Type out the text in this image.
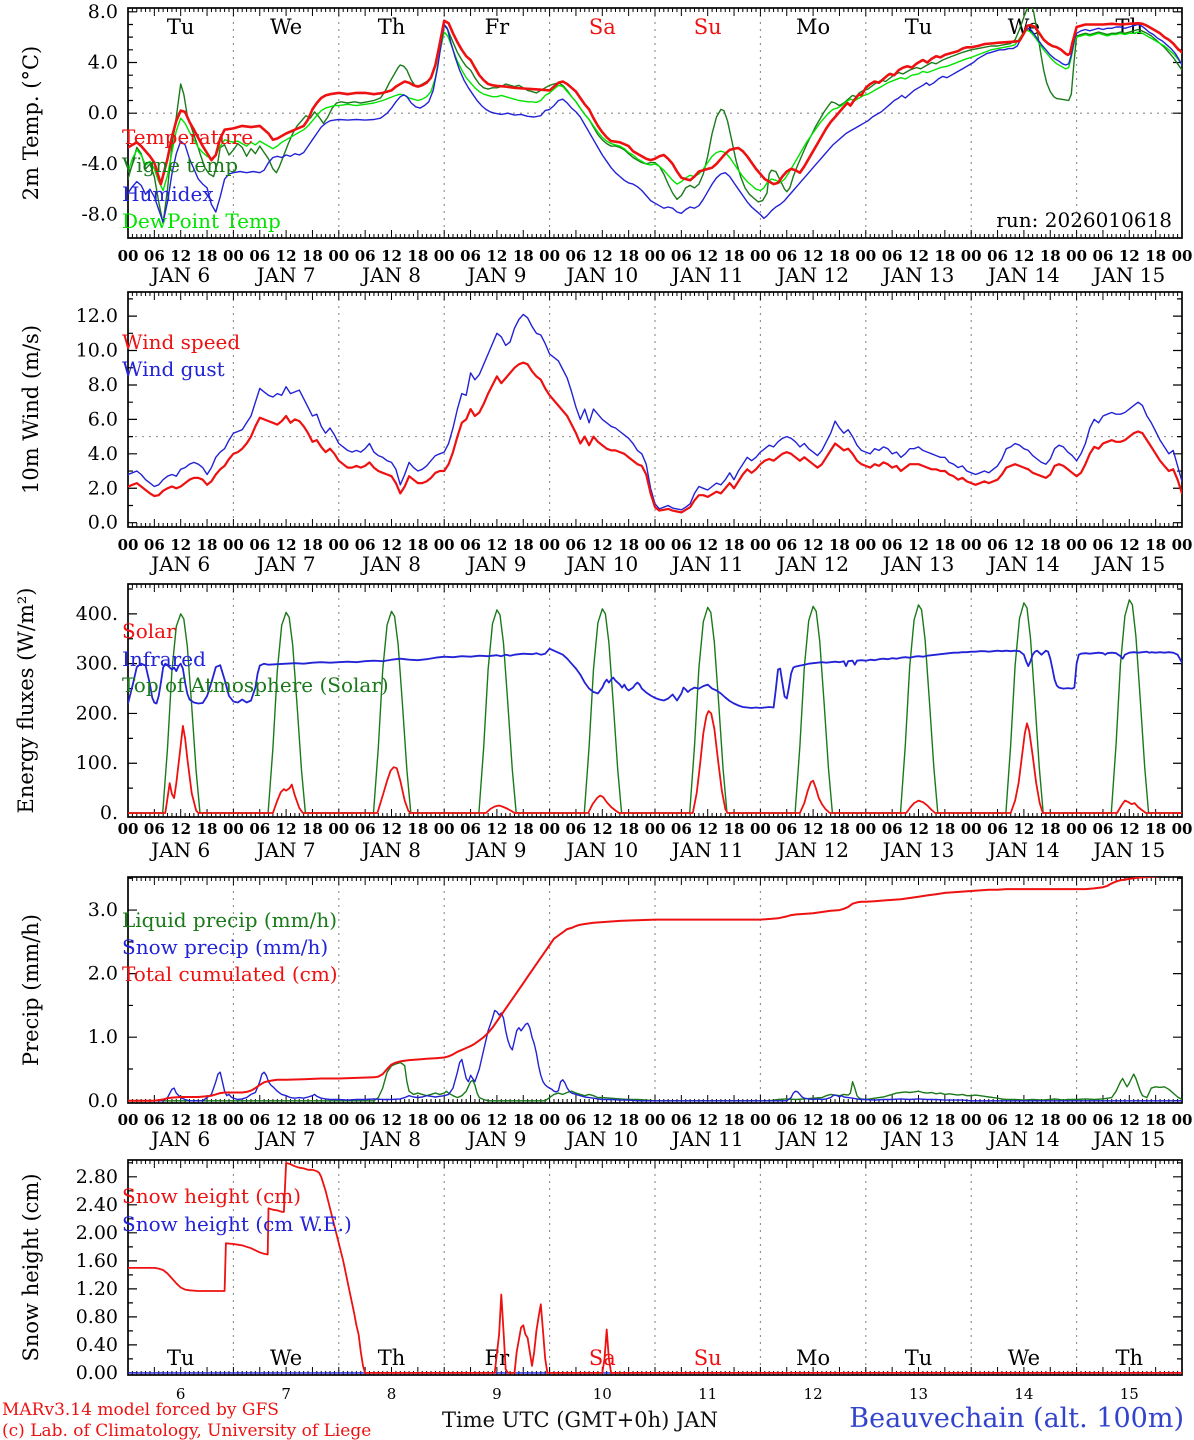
8.0
4.0
0.0
-4.0
-8.0
00 06 12 18 00 06 12 18 00 06 12 18 00 06 12 18 00 06 12 18 00 06 12 18 00 06 12 18 00 06 12 18 00 06 12 18 00 06 12 18 00
JAN 6 JAN 7 JAN 8 JAN 9 JAN 10 JAN 11 JAN 12 JAN 13 JAN 14 JAN 15
Tu	We	Th	Fr	Sa	Su	Mo	Tu	We	Th
Temperature
Vigne temp
Humidex
DewPoint Temp	run: 2026010618
2m Temp. (°C)
12.0
10.0
8.0
6.0
4.0
2.0
0.0
00 06 12 18 00 06 12 18 00 06 12 18 00 06 12 18 00 06 12 18 00 06 12 18 00 06 12 18 00 06 12 18 00 06 12 18 00 06 12 18 00
JAN 6 JAN 7 JAN 8 JAN 9 JAN 10 JAN 11 JAN 12 JAN 13 JAN 14 JAN 15
Wind speed
Wind gust
10m Wind (m/s)
400.
300.
200.
100.
0.
00 06 12 18 00 06 12 18 00 06 12 18 00 06 12 18 00 06 12 18 00 06 12 18 00 06 12 18 00 06 12 18 00 06 12 18 00 06 12 18 00
JAN 6 JAN 7 JAN 8 JAN 9 JAN 10 JAN 11 JAN 12 JAN 13 JAN 14 JAN 15
Solar
Infrared
Top of Atmosphere (Solar)
Energy fluxes (W/m²)
3.0
2.0
1.0
0.0
00 06 12 18 00 06 12 18 00 06 12 18 00 06 12 18 00 06 12 18 00 06 12 18 00 06 12 18 00 06 12 18 00 06 12 18 00 06 12 18 00
JAN 6 JAN 7 JAN 8 JAN 9 JAN 10 JAN 11 JAN 12 JAN 13 JAN 14 JAN 15
Liquid precip (mm/h)
Snow precip (mm/h)
Total cumulated (cm)
Precip (mm/h)
2.80
2.40
2.00
1.60
1.20
0.80
0.40
0.00
6	7	8	9	10	11	12	13	14	15
Tu	We	Th	Fr	Sa	Su	Mo	Tu	We	Th
Snow height (cm)
Snow height (cm W.E.)
Snow height (cm)
MARv3.14 model forced by GFS
(c) Lab. of Climatology, University of Liege	Time UTC (GMT+0h) JAN	Beauvechain (alt. 100m)
